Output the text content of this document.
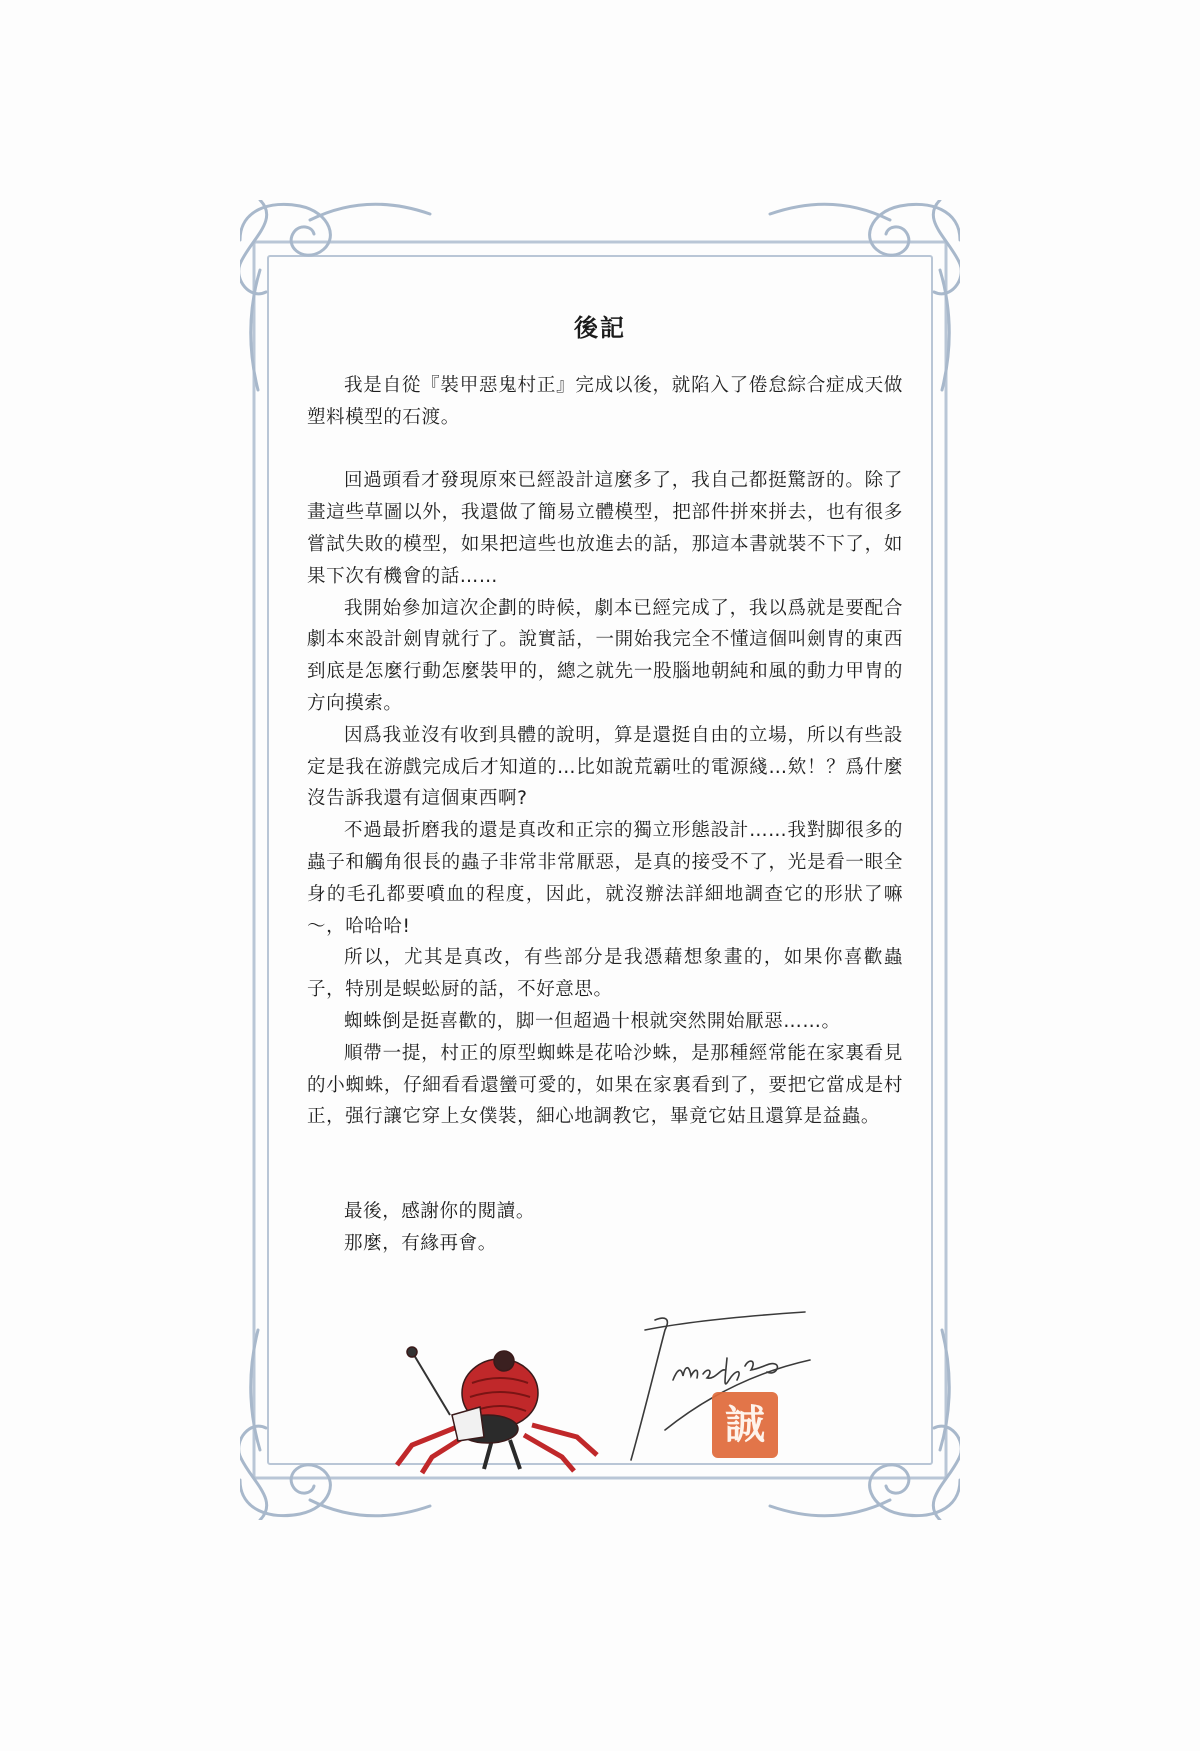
後記

我是自從『裝甲惡鬼村正』完成以後，就陷入了倦怠綜合症成天做塑料模型的石渡。

回過頭看才發現原來已經設計這麼多了，我自己都挺驚訝的。除了畫這些草圖以外，我還做了簡易立體模型，把部件拼來拼去，也有很多嘗試失敗的模型，如果把這些也放進去的話，那這本書就裝不下了，如果下次有機會的話……

我開始參加這次企劃的時候，劇本已經完成了，我以爲就是要配合劇本來設計劍冑就行了。說實話，一開始我完全不懂這個叫劍冑的東西到底是怎麼行動怎麼裝甲的，總之就先一股腦地朝純和風的動力甲冑的方向摸索。

因爲我並沒有收到具體的說明，算是還挺自由的立場，所以有些設定是我在游戲完成后才知道的…比如說荒霸吐的電源綫…欸！？爲什麼沒告訴我還有這個東西啊?

不過最折磨我的還是真改和正宗的獨立形態設計……我對脚很多的蟲子和觸角很長的蟲子非常非常厭惡，是真的接受不了，光是看一眼全身的毛孔都要噴血的程度，因此，就沒辦法詳細地調查它的形狀了嘛～，哈哈哈!

所以，尤其是真改，有些部分是我憑藉想象畫的，如果你喜歡蟲子，特別是蜈蚣厨的話，不好意思。

蜘蛛倒是挺喜歡的，脚一但超過十根就突然開始厭惡……。

順帶一提，村正的原型蜘蛛是花哈沙蛛，是那種經常能在家裏看見的小蜘蛛，仔細看看還蠻可愛的，如果在家裏看到了，要把它當成是村正，强行讓它穿上女僕裝，細心地調教它，畢竟它姑且還算是益蟲。

最後，感謝你的閱讀。

那麼，有緣再會。

誠
